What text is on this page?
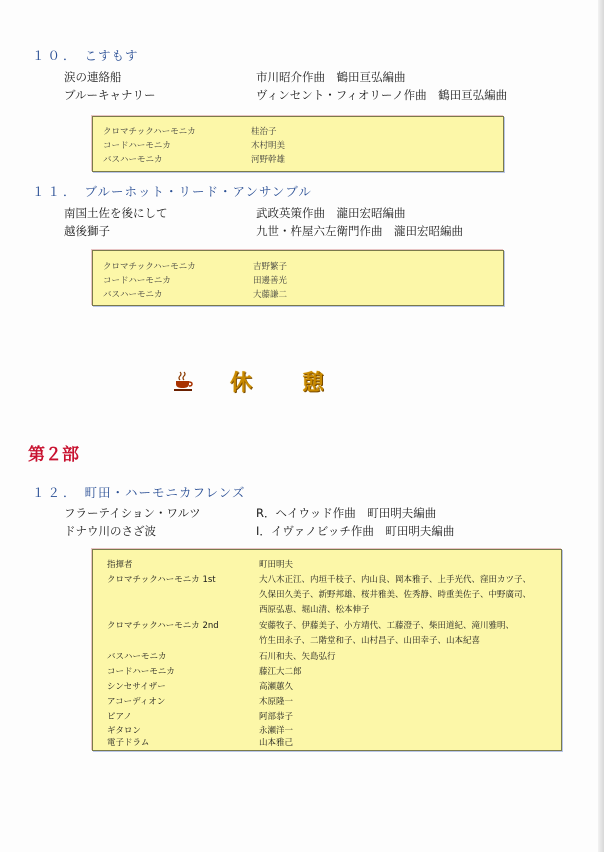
１０． こすもす
涙の連絡船	市川昭介作曲　鶴田亘弘編曲
ブルーキャナリー	ヴィンセント・フィオリーノ作曲　鶴田亘弘編曲
クロマチックハーモニカ	桂治子
コードハーモニカ	木村明美
バスハーモニカ	河野幹雄
１１． ブルーホット・リード・アンサンブル
南国土佐を後にして	武政英策作曲　瀧田宏昭編曲
越後獅子	九世・杵屋六左衛門作曲　瀧田宏昭編曲
クロマチックハーモニカ	吉野繁子
コードハーモニカ	田邊善光
バスハーモニカ	大藤謙二
休 憩
第２部
１２． 町田・ハーモニカフレンズ
フラーテイション・ワルツ	R．ヘイウッド作曲　町田明夫編曲
ドナウ川のさざ波	I．イヴァノビッチ作曲　町田明夫編曲
指揮者	町田明夫
クロマチックハーモニカ 1st	大八木正江、内垣千枝子、内山良、岡本雅子、上手光代、窪田カツ子、
久保田久美子、新野邦雄、桜井雅美、佐秀静、時重美佐子、中野廣司、
西原弘恵、堀山清、松本伸子
クロマチックハーモニカ 2nd	安藤牧子、伊藤美子、小方靖代、工藤澄子、柴田道紀、滝川雅明、
竹生田永子、二階堂和子、山村昌子、山田幸子、山本紀喜
バスハーモニカ	石川和夫、矢島弘行
コードハーモニカ	藤江大二郎
シンセサイザー	高瀬蕙久
アコーディオン	木原隆一
ピアノ	阿部恭子
ギタロン	永瀬洋一
電子ドラム	山本雅己
